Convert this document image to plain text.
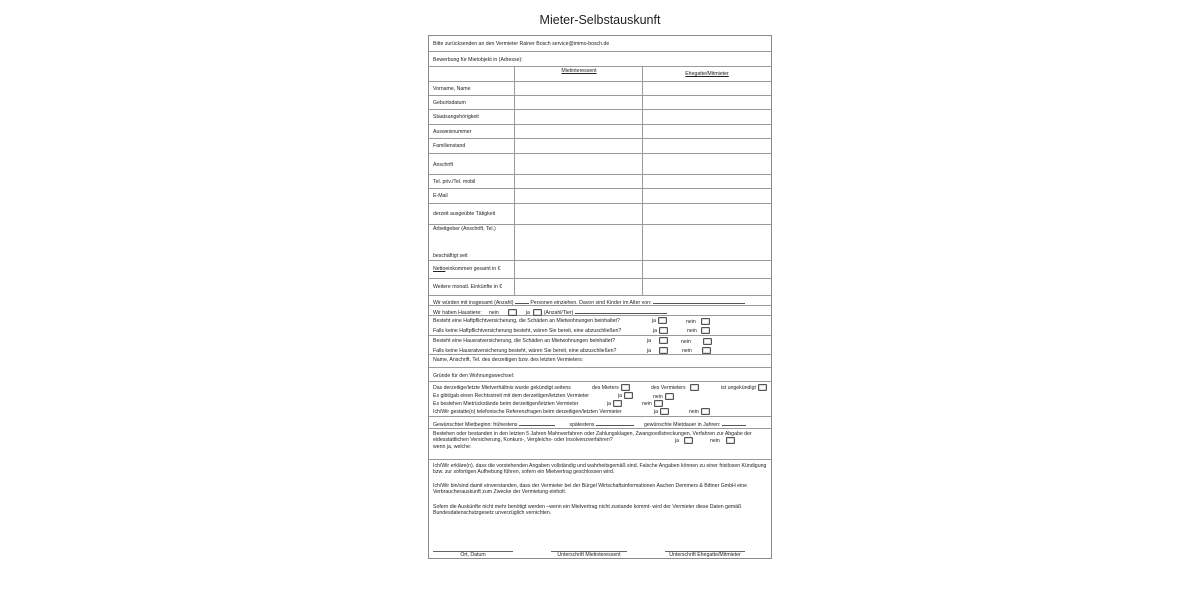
Mieter-Selbstauskunft
Bitte zurücksenden an den Vermieter Rainer Bosch service@immo-bosch.de
Bewerbung für Mietobjekt in (Adresse):
Mietinteressent	Ehegatte/Mitmieter
Vorname, Name
Geburtsdatum
Staatsangehörigkeit
Ausweisnummer
Familienstand
Anschrift
Tel. priv./Tel. mobil
E-Mail
derzeit ausgeübte Tätigkeit
Arbeitgeber (Anschrift, Tel.)
beschäftigt seit
Nettoeinkommen gesamt in €
Weitere monatl. Einkünfte in €
Wir würden mit insgesamt (Anzahl)	Personen einziehen. Davon sind Kinder im Alter von:
Wir haben Haustiere: nein	ja	(Anzahl/Tier)
Besteht eine Haftpflichtversicherung, die Schäden an Mietwohnungen beinhaltet?	ja	nein
Falls keine Haftpflichtversicherung besteht, wären Sie bereit, eine abzuschließen?	ja	nein
Besteht eine Hausratversicherung, die Schäden an Mietwohnungen beinhaltet?	ja	nein
Falls keine Hausratversicherung besteht, wären Sie bereit, eine abzuschließen?	ja	nein
Name, Anschrift, Tel. des derzeitigen bzw. des letzten Vermieters:
Gründe für den Wohnungswechsel:
Das derzeitige/letzte Mietverhältnis wurde gekündigt seitens	des Mieters	des Vermieters	ist ungekündigt
Es gibt/gab einen Rechtsstreit mit dem derzeitigen/letzten Vermieter	ja	nein
Es bestehen Mietrückstände beim derzeitigen/letzten Vermieter	ja	nein
Ich/Wir gestatte(n) telefonische Referenzfragen beim derzeitigen/letzten Vermieter	ja	nein
Gewünschter Mietbeginn: frühestens	spätestens	gewünschte Mietdauer in Jahren:
Bestehen oder bestanden in den letzten 5 Jahren Mahnverfahren oder Zahlungsklagen, Zwangsvollstreckungen, Verfahren zur Abgabe der eidesstattlichen Versicherung, Konkurs-, Vergleichs- oder Insolvenzverfahren?	ja	nein
wenn ja, welche:
Ich/Wir erkläre(n), dass die vorstehenden Angaben vollständig und wahrheitsgemäß sind. Falsche Angaben können zu einer fristlosen Kündigung bzw. zur sofortigen Aufhebung führen, sofern ein Mietvertrag geschlossen wird.
Ich/Wir bin/sind damit einverstanden, dass der Vermieter bei der Bürgel Wirtschaftsinformationen Aachen Demmers & Bittner GmbH eine Verbraucherauskunft zum Zwecke der Vermietung einholt.
Sofern die Auskünfte nicht mehr benötigt werden –wenn ein Mietvertrag nicht zustande kommt- wird der Vermieter diese Daten gemäß Bundesdatenschutzgesetz unverzüglich vernichten.
Ort, Datum	Unterschrift Mietinteressent	Unterschrift Ehegatte/Mitmieter
